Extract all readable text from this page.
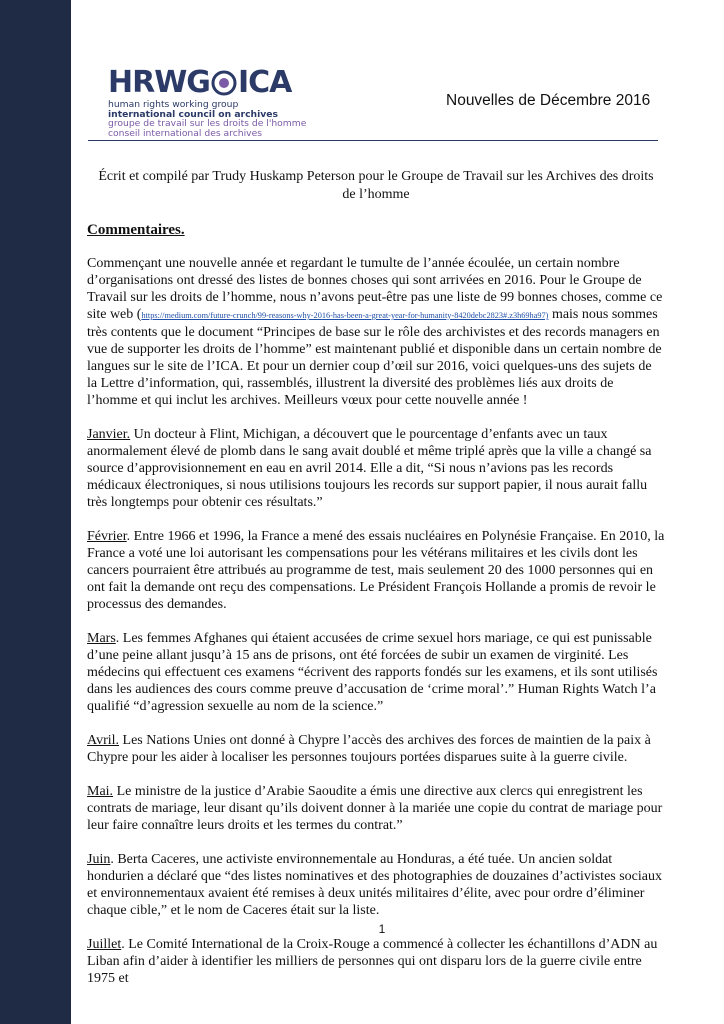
HRWG ICA
human rights working group
international council on archives
groupe de travail sur les droits de l'homme
conseil international des archives
Nouvelles de Décembre 2016
Écrit et compilé par Trudy Huskamp Peterson pour le Groupe de Travail sur les Archives des droits de l’homme
Commentaires.

Commençant une nouvelle année et regardant le tumulte de l’année écoulée, un certain nombre d’organisations ont dressé des listes de bonnes choses qui sont arrivées en 2016. Pour le Groupe de Travail sur les droits de l’homme, nous n’avons peut-être pas une liste de 99 bonnes choses, comme ce site web (https://medium.com/future-crunch/99-reasons-why-2016-has-been-a-great-year-for-humanity-8420debc2823#.z3h69ha97) mais nous sommes très contents que le document “Principes de base sur le rôle des archivistes et des records managers en vue de supporter les droits de l’homme” est maintenant publié et disponible dans un certain nombre de langues sur le site de l’ICA. Et pour un dernier coup d’œil sur 2016, voici quelques-uns des sujets de la Lettre d’information, qui, rassemblés, illustrent la diversité des problèmes liés aux droits de l’homme et qui inclut les archives. Meilleurs vœux pour cette nouvelle année !

Janvier. Un docteur à Flint, Michigan, a découvert que le pourcentage d’enfants avec un taux anormalement élevé de plomb dans le sang avait doublé et même triplé après que la ville a changé sa source d’approvisionnement en eau en avril 2014. Elle a dit, “Si nous n’avions pas les records médicaux électroniques, si nous utilisions toujours les records sur support papier, il nous aurait fallu très longtemps pour obtenir ces résultats.”

Février. Entre 1966 et 1996, la France a mené des essais nucléaires en Polynésie Française. En 2010, la France a voté une loi autorisant les compensations pour les vétérans militaires et les civils dont les cancers pourraient être attribués au programme de test, mais seulement 20 des 1000 personnes qui en ont fait la demande ont reçu des compensations. Le Président François Hollande a promis de revoir le processus des demandes.

Mars. Les femmes Afghanes qui étaient accusées de crime sexuel hors mariage, ce qui est punissable d’une peine allant jusqu’à 15 ans de prisons, ont été forcées de subir un examen de virginité. Les médecins qui effectuent ces examens “écrivent des rapports fondés sur les examens, et ils sont utilisés dans les audiences des cours comme preuve d’accusation de ‘crime moral’.” Human Rights Watch l’a qualifié “d’agression sexuelle au nom de la science.”

Avril. Les Nations Unies ont donné à Chypre l’accès des archives des forces de maintien de la paix à Chypre pour les aider à localiser les personnes toujours portées disparues suite à la guerre civile.

Mai. Le ministre de la justice d’Arabie Saoudite a émis une directive aux clercs qui enregistrent les contrats de mariage, leur disant qu’ils doivent donner à la mariée une copie du contrat de mariage pour leur faire connaître leurs droits et les termes du contrat.”

Juin. Berta Caceres, une activiste environnementale au Honduras, a été tuée. Un ancien soldat hondurien a déclaré que “des listes nominatives et des photographies de douzaines d’activistes sociaux et environnementaux avaient été remises à deux unités militaires d’élite, avec pour ordre d’éliminer chaque cible,” et le nom de Caceres était sur la liste.

Juillet. Le Comité International de la Croix-Rouge a commencé à collecter les échantillons d’ADN au Liban afin d’aider à identifier les milliers de personnes qui ont disparu lors de la guerre civile entre 1975 et

1
